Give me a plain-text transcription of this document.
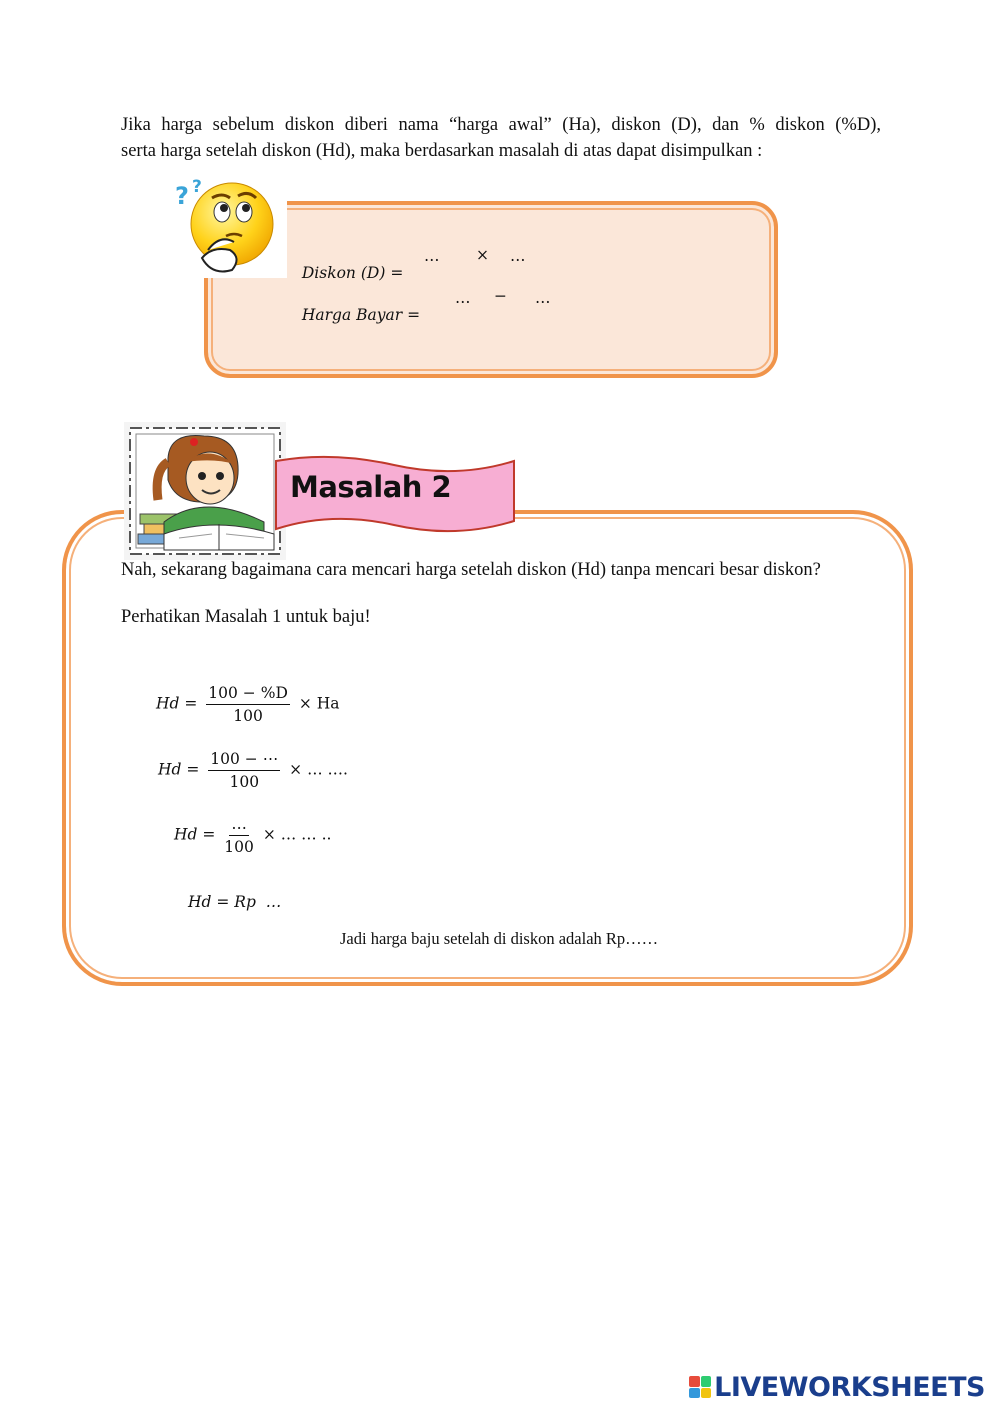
Jika harga sebelum diskon diberi nama “harga awal” (Ha), diskon (D), dan % diskon (%D),
serta harga setelah diskon (Hd), maka berdasarkan masalah di atas dapat disimpulkan :
? ?

Diskon (D) =

… × …

Harga Bayar =

… − …
Masalah 2
Nah, sekarang bagaimana cara mencari harga setelah diskon (Hd) tanpa mencari besar diskon?
Perhatikan Masalah 1 untuk baju!
$Hd = \frac{100 - \%D}{100} \times Ha$
$Hd = \frac{100 - \cdots}{100}$ × … ….
$Hd = \frac{\dots}{100}$ × … … ..
Hd = Rp  …
Jadi harga baju setelah di diskon adalah Rp……
LIVEWORKSHEETS
